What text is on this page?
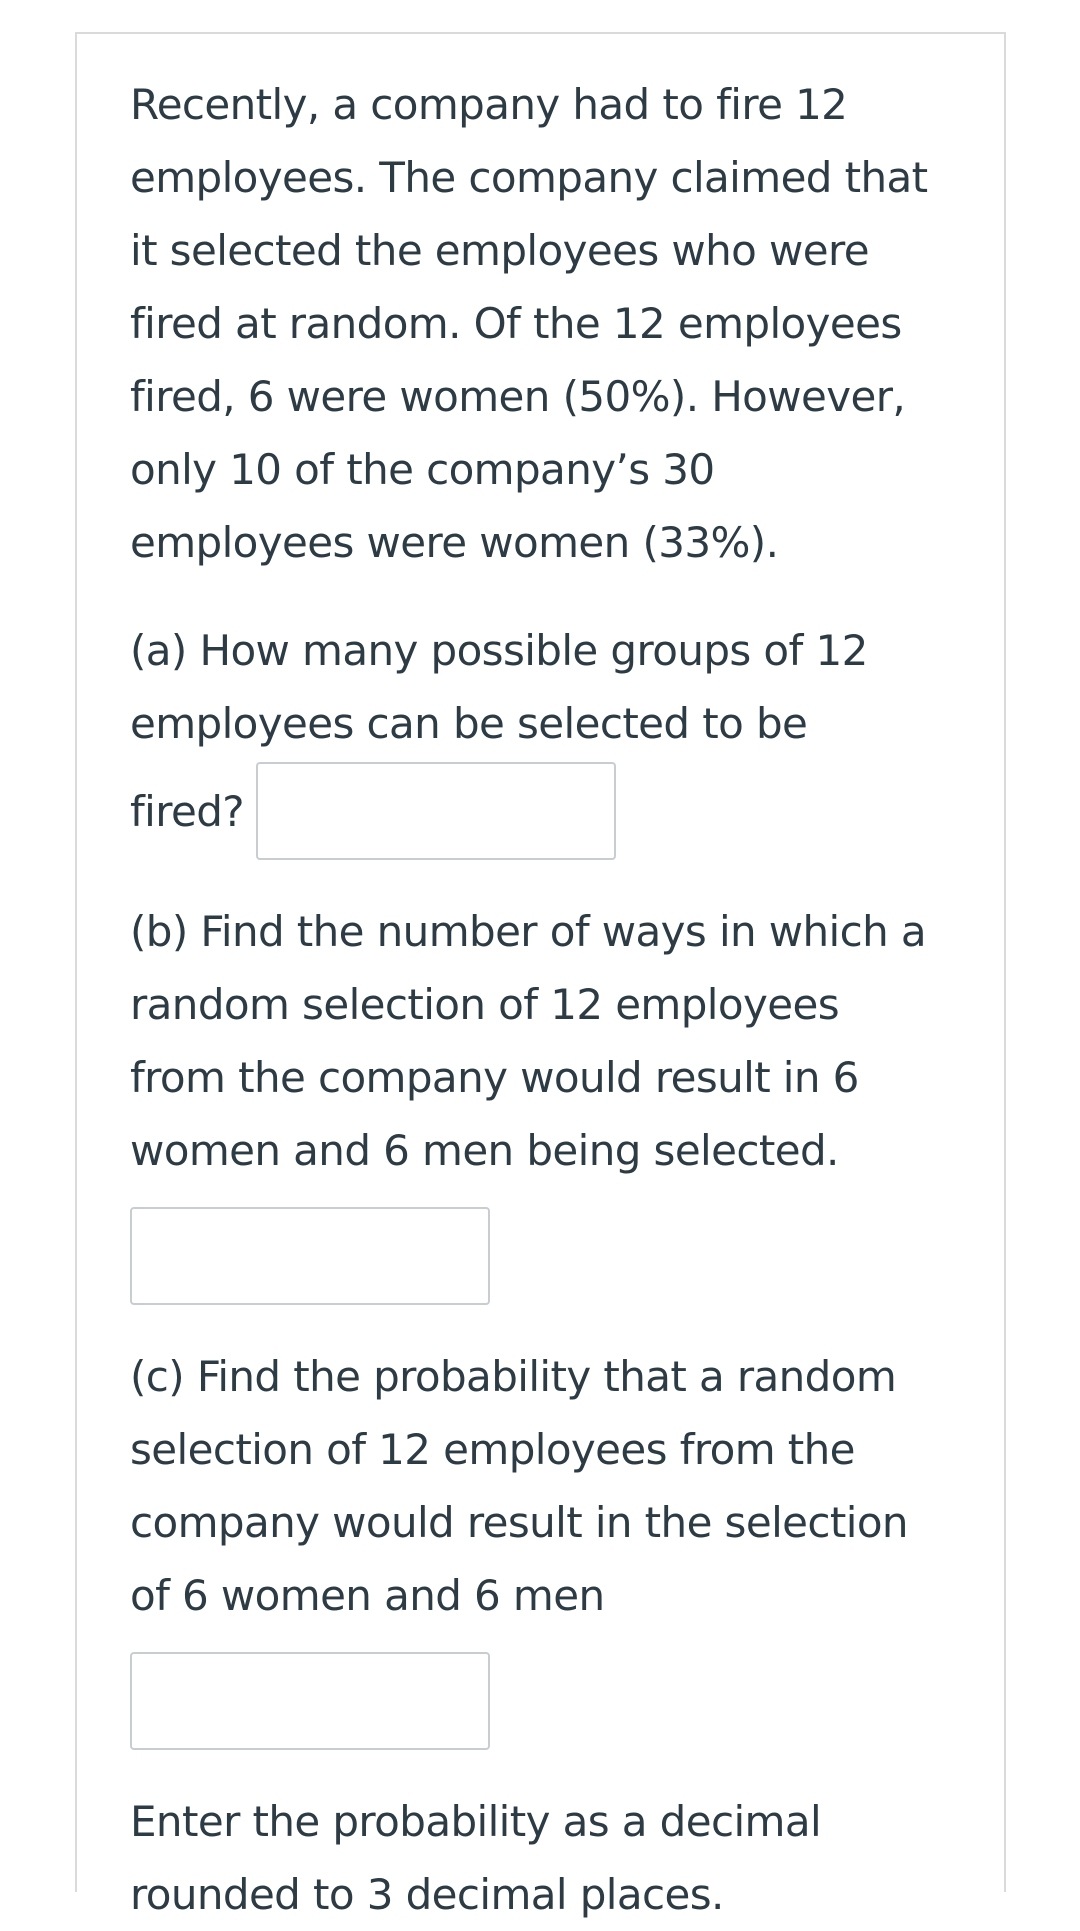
Recently, a company had to fire 12
employees. The company claimed that
it selected the employees who were
fired at random. Of the 12 employees
fired, 6 were women (50%). However,
only 10 of the company’s 30
employees were women (33%).
(a) How many possible groups of 12
employees can be selected to be
fired?
(b) Find the number of ways in which a
random selection of 12 employees
from the company would result in 6
women and 6 men being selected.
(c) Find the probability that a random
selection of 12 employees from the
company would result in the selection
of 6 women and 6 men
Enter the probability as a decimal
rounded to 3 decimal places.
